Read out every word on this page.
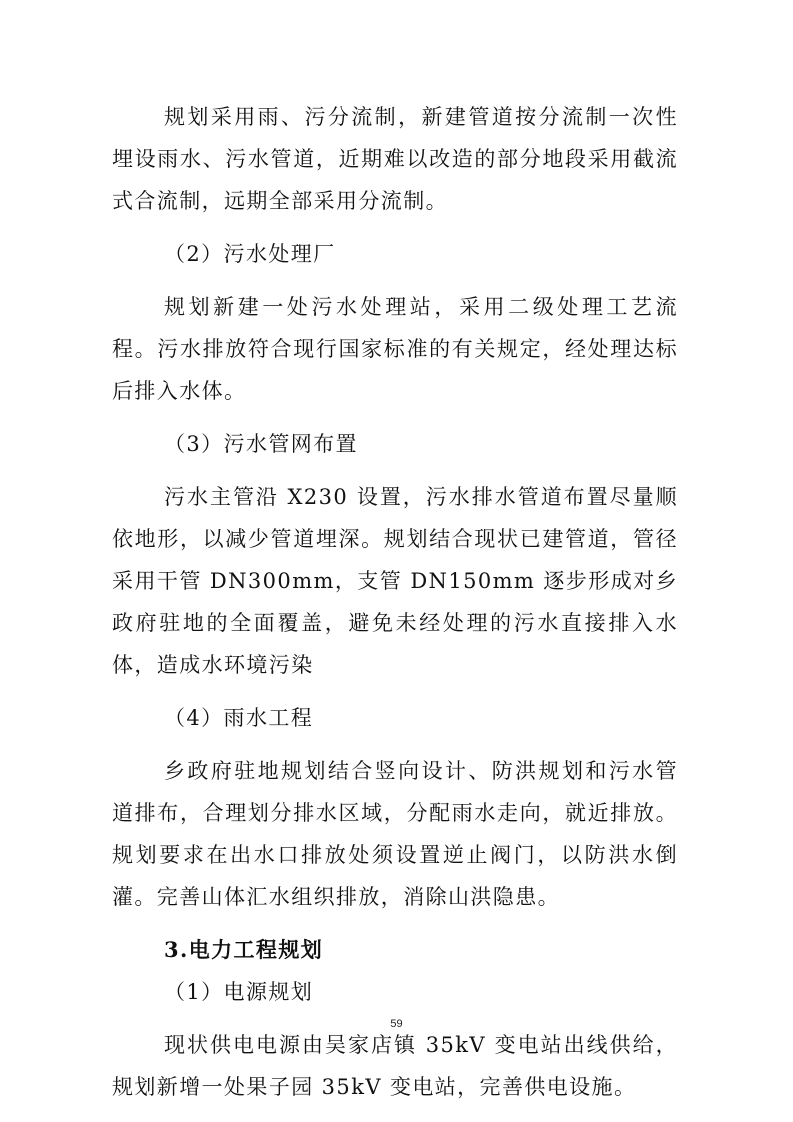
规划采用雨、污分流制，新建管道按分流制一次性埋设雨水、污水管道，近期难以改造的部分地段采用截流式合流制，远期全部采用分流制。

（2）污水处理厂

规划新建一处污水处理站，采用二级处理工艺流程。污水排放符合现行国家标准的有关规定，经处理达标后排入水体。

（3）污水管网布置

污水主管沿 X230 设置，污水排水管道布置尽量顺依地形，以减少管道埋深。规划结合现状已建管道，管径采用干管 DN300mm，支管 DN150mm 逐步形成对乡政府驻地的全面覆盖，避免未经处理的污水直接排入水体，造成水环境污染

（4）雨水工程

乡政府驻地规划结合竖向设计、防洪规划和污水管道排布，合理划分排水区域，分配雨水走向，就近排放。规划要求在出水口排放处须设置逆止阀门，以防洪水倒灌。完善山体汇水组织排放，消除山洪隐患。

3.电力工程规划

（1）电源规划

现状供电电源由吴家店镇 35kV 变电站出线供给，规划新增一处果子园 35kV 变电站，完善供电设施。

59
